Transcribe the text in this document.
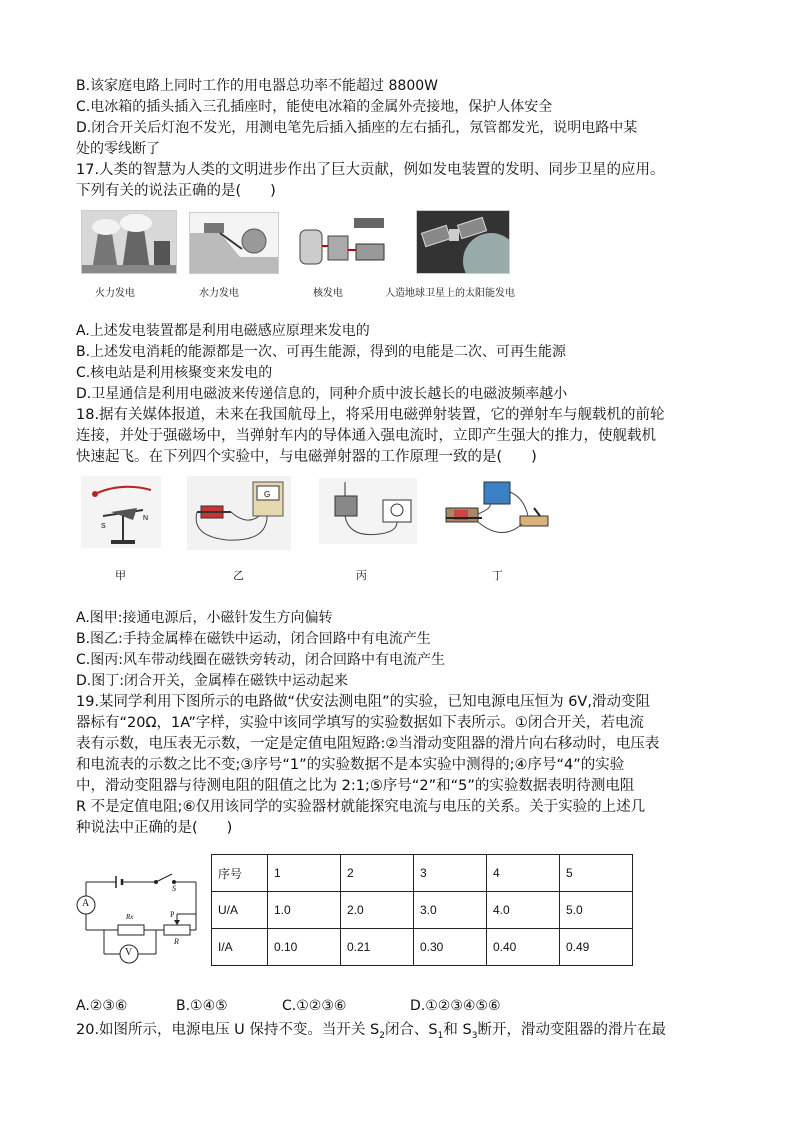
B.该家庭电路上同时工作的用电器总功率不能超过 8800W
C.电冰箱的插头插入三孔插座时，能使电冰箱的金属外壳接地，保护人体安全
D.闭合开关后灯泡不发光，用测电笔先后插入插座的左右插孔，氖管都发光，说明电路中某
处的零线断了
17.人类的智慧为人类的文明进步作出了巨大贡献，例如发电装置的发明、同步卫星的应用。
下列有关的说法正确的是(　　)
火力发电	水力发电	核发电	人造地球卫星上的太阳能发电
A.上述发电装置都是利用电磁感应原理来发电的
B.上述发电消耗的能源都是一次、可再生能源，得到的电能是二次、可再生能源
C.核电站是利用核聚变来发电的
D.卫星通信是利用电磁波来传递信息的，同种介质中波长越长的电磁波频率越小
18.据有关媒体报道，未来在我国航母上，将采用电磁弹射装置，它的弹射车与舰载机的前轮
连接，并处于强磁场中，当弹射车内的导体通入强电流时，立即产生强大的推力，使舰载机
快速起飞。在下列四个实验中，与电磁弹射器的工作原理一致的是(　　)
S
N
G
甲	乙	丙	丁
A.图甲:接通电源后，小磁针发生方向偏转
B.图乙:手持金属棒在磁铁中运动，闭合回路中有电流产生
C.图丙:风车带动线圈在磁铁旁转动，闭合回路中有电流产生
D.图丁:闭合开关，金属棒在磁铁中运动起来
19.某同学利用下图所示的电路做“伏安法测电阻”的实验，已知电源电压恒为 6V,滑动变阻
器标有“20Ω，1A”字样，实验中该同学填写的实验数据如下表所示。①闭合开关，若电流
表有示数，电压表无示数，一定是定值电阻短路:②当滑动变阻器的滑片向右移动时，电压表
和电流表的示数之比不变;③序号“1”的实验数据不是本实验中测得的;④序号“4”的实验
中，滑动变阻器与待测电阻的阻值之比为 2:1;⑤序号“2”和“5”的实验数据表明待测电阻
R 不是定值电阻;⑥仅用该同学的实验器材就能探究电流与电压的关系。关于实验的上述几
种说法中正确的是(　　)
A
V
S
Rx	P
R
序号	1	2	3	4	5
U/A	1.0	2.0	3.0	4.0	5.0
I/A	0.10	0.21	0.30	0.40	0.49
A.②③⑥	B.①④⑤	C.①②③⑥	D.①②③④⑤⑥
20.如图所示，电源电压 U 保持不变。当开关 $S_2$闭合、$S_1$和 $S_3$断开，滑动变阻器的滑片在最
